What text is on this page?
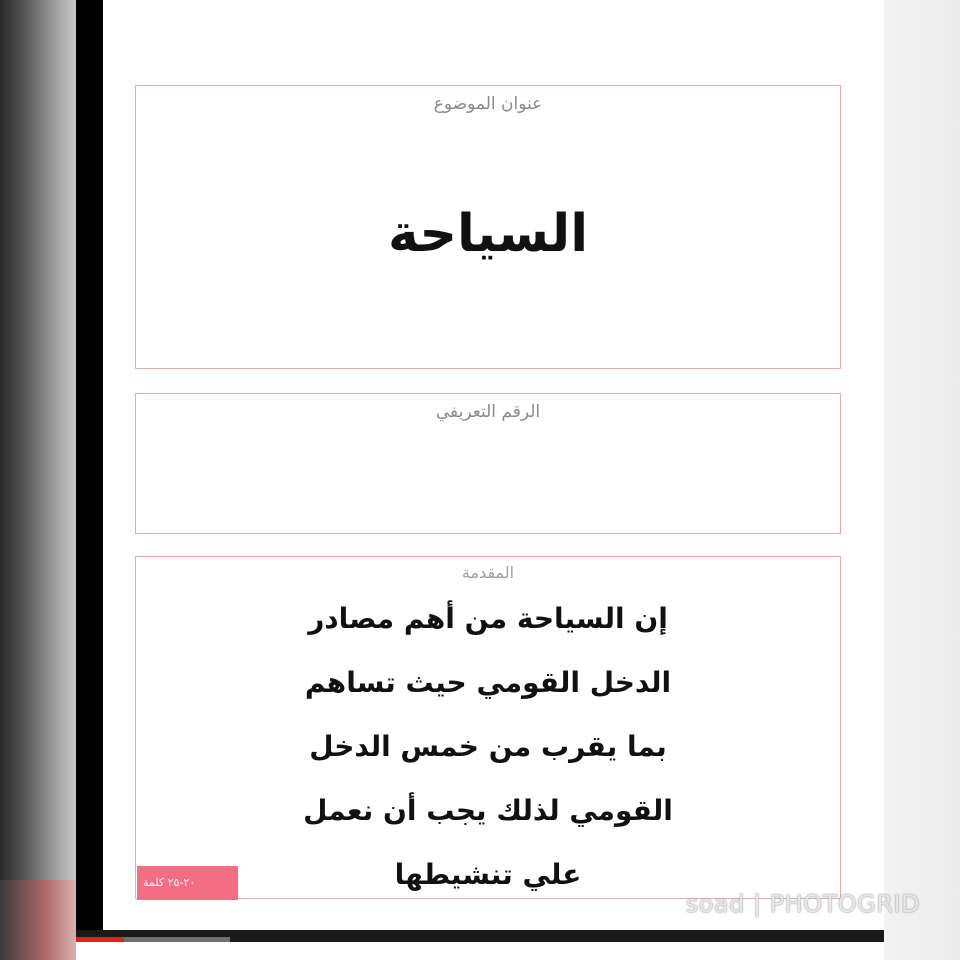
عنوان الموضوع
السياحة
الرقم التعريفي
المقدمة
إن السياحة من أهم مصادر
الدخل القومي حيث تساهم
بما يقرب من خمس الدخل
القومي لذلك يجب أن نعمل
علي تنشيطها
٢٠-٢٥ كلمة
soad | PHOTOGRID
